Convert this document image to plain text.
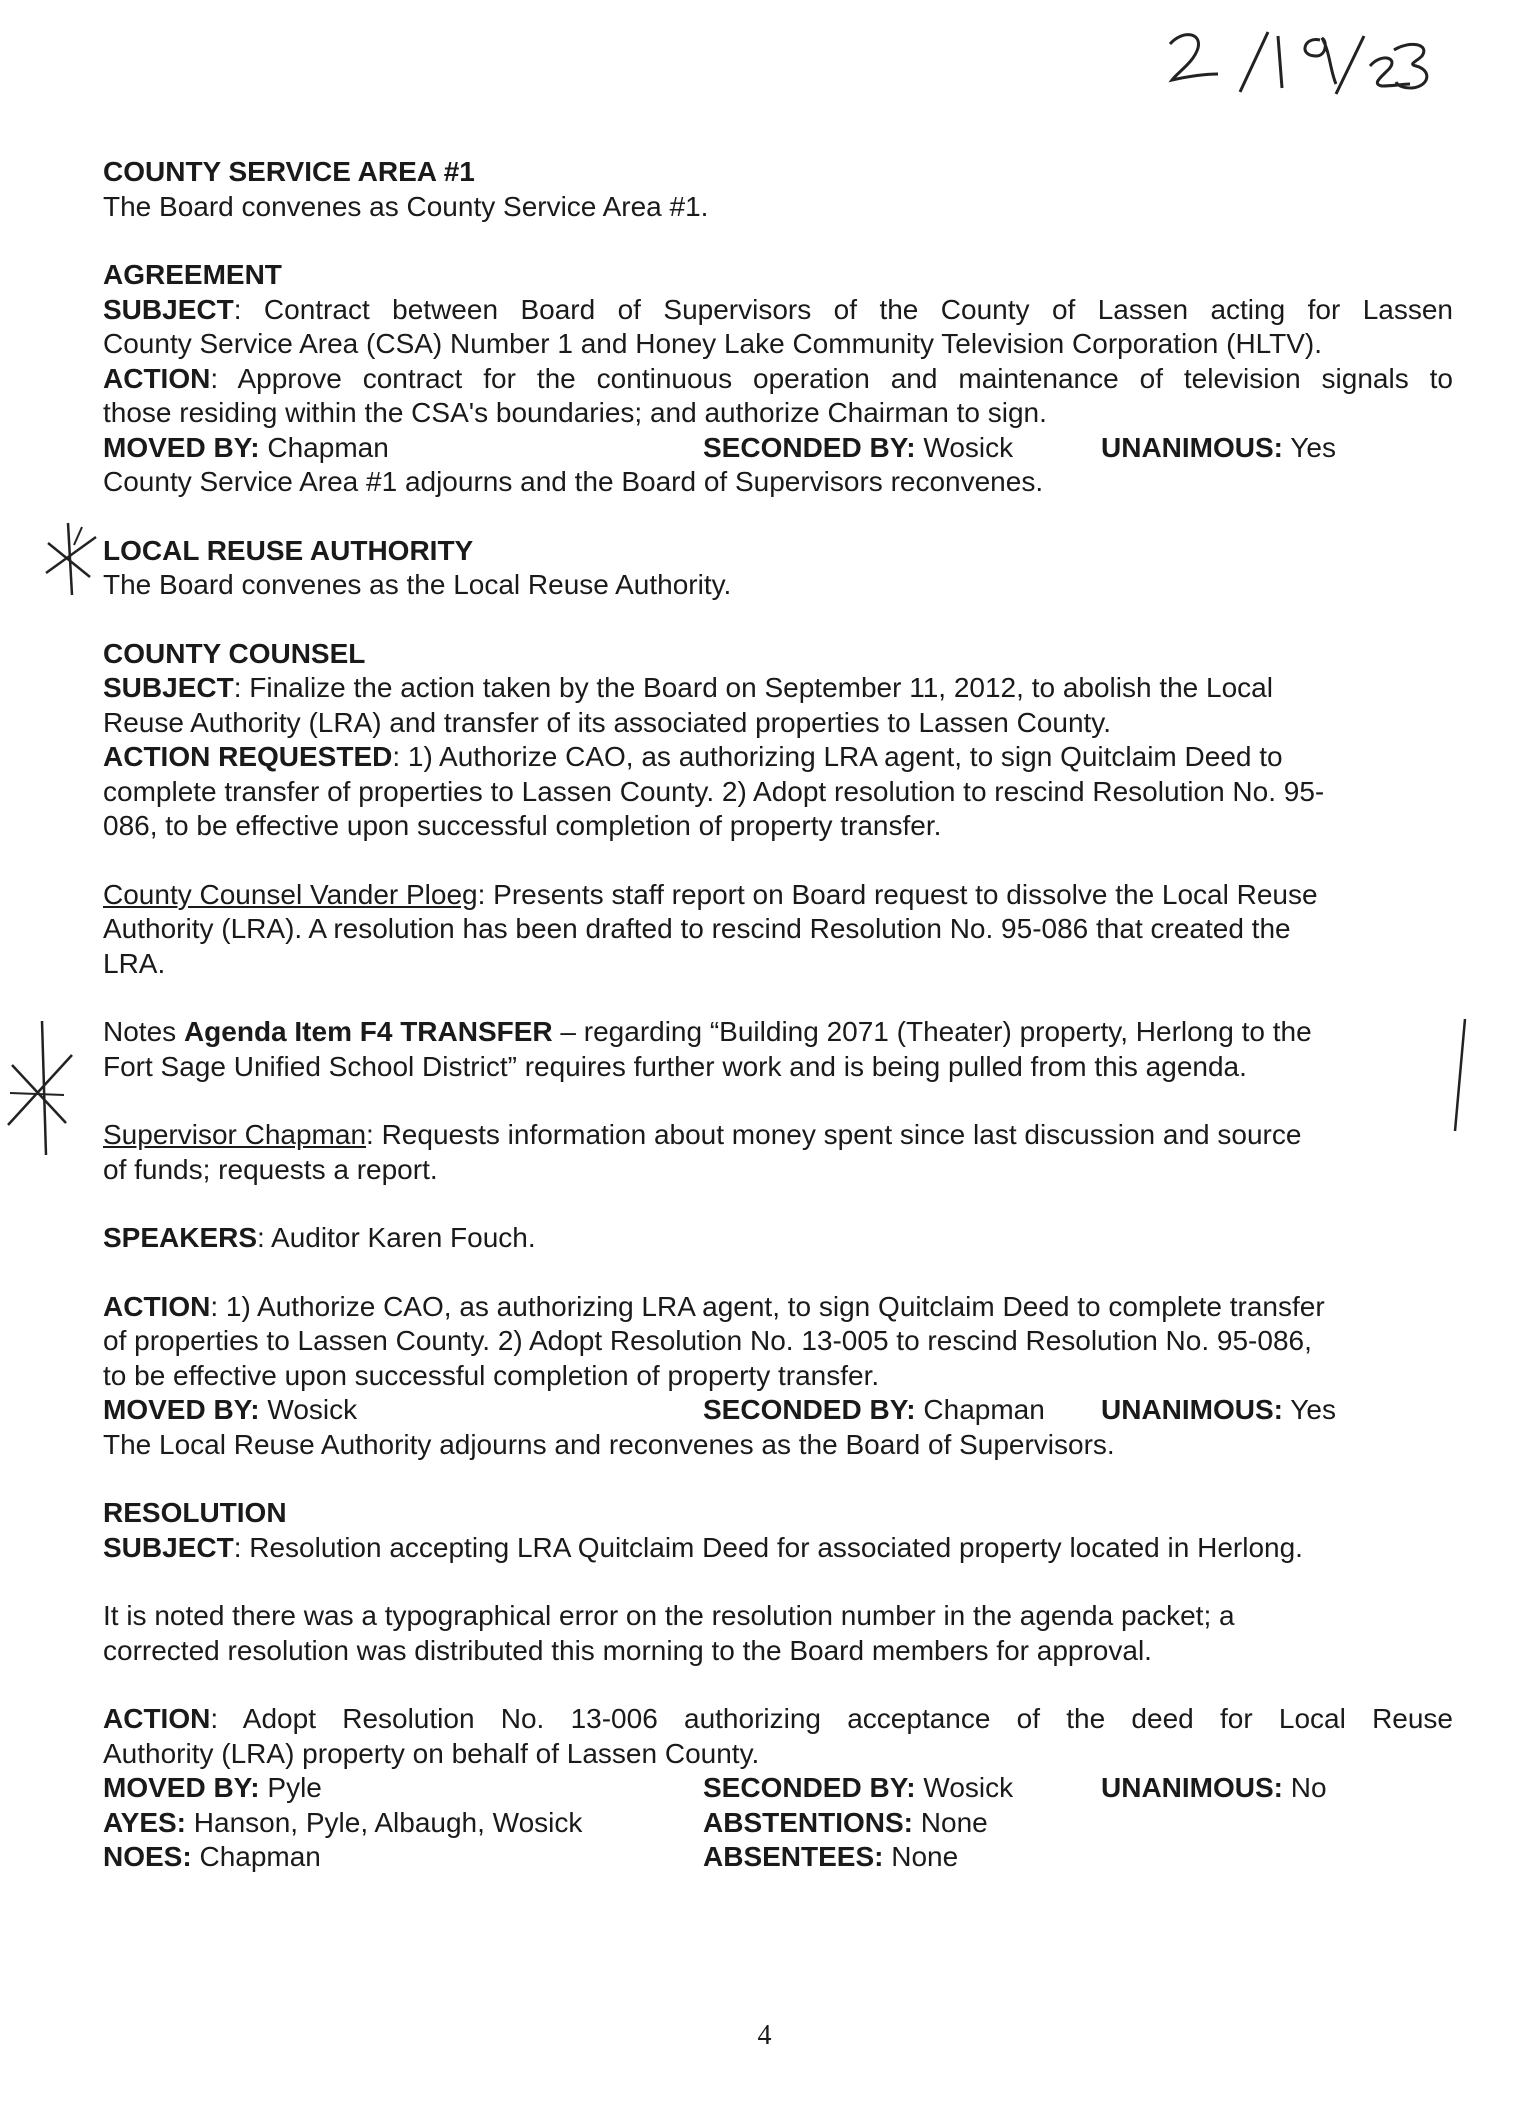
COUNTY SERVICE AREA #1

The Board convenes as County Service Area #1.

AGREEMENT

SUBJECT: Contract between Board of Supervisors of the County of Lassen acting for Lassen

County Service Area (CSA) Number 1 and Honey Lake Community Television Corporation (HLTV).

ACTION: Approve contract for the continuous operation and maintenance of television signals to

those residing within the CSA's boundaries; and authorize Chairman to sign.

MOVED BY: Chapman	SECONDED BY: Wosick	UNANIMOUS: Yes

County Service Area #1 adjourns and the Board of Supervisors reconvenes.

LOCAL REUSE AUTHORITY

The Board convenes as the Local Reuse Authority.

COUNTY COUNSEL

SUBJECT: Finalize the action taken by the Board on September 11, 2012, to abolish the Local

Reuse Authority (LRA) and transfer of its associated properties to Lassen County.

ACTION REQUESTED: 1) Authorize CAO, as authorizing LRA agent, to sign Quitclaim Deed to

complete transfer of properties to Lassen County. 2) Adopt resolution to rescind Resolution No. 95-

086, to be effective upon successful completion of property transfer.

County Counsel Vander Ploeg: Presents staff report on Board request to dissolve the Local Reuse

Authority (LRA). A resolution has been drafted to rescind Resolution No. 95-086 that created the

LRA.

Notes Agenda Item F4 TRANSFER – regarding “Building 2071 (Theater) property, Herlong to the

Fort Sage Unified School District” requires further work and is being pulled from this agenda.

Supervisor Chapman: Requests information about money spent since last discussion and source

of funds; requests a report.

SPEAKERS: Auditor Karen Fouch.

ACTION: 1) Authorize CAO, as authorizing LRA agent, to sign Quitclaim Deed to complete transfer

of properties to Lassen County. 2) Adopt Resolution No. 13-005 to rescind Resolution No. 95-086,

to be effective upon successful completion of property transfer.

MOVED BY: Wosick	SECONDED BY: Chapman	UNANIMOUS: Yes

The Local Reuse Authority adjourns and reconvenes as the Board of Supervisors.

RESOLUTION

SUBJECT: Resolution accepting LRA Quitclaim Deed for associated property located in Herlong.

It is noted there was a typographical error on the resolution number in the agenda packet; a

corrected resolution was distributed this morning to the Board members for approval.

ACTION: Adopt Resolution No. 13-006 authorizing acceptance of the deed for Local Reuse

Authority (LRA) property on behalf of Lassen County.

MOVED BY: Pyle	SECONDED BY: Wosick	UNANIMOUS: No
AYES: Hanson, Pyle, Albaugh, Wosick	ABSTENTIONS: None
NOES: Chapman	ABSENTEES: None
4
